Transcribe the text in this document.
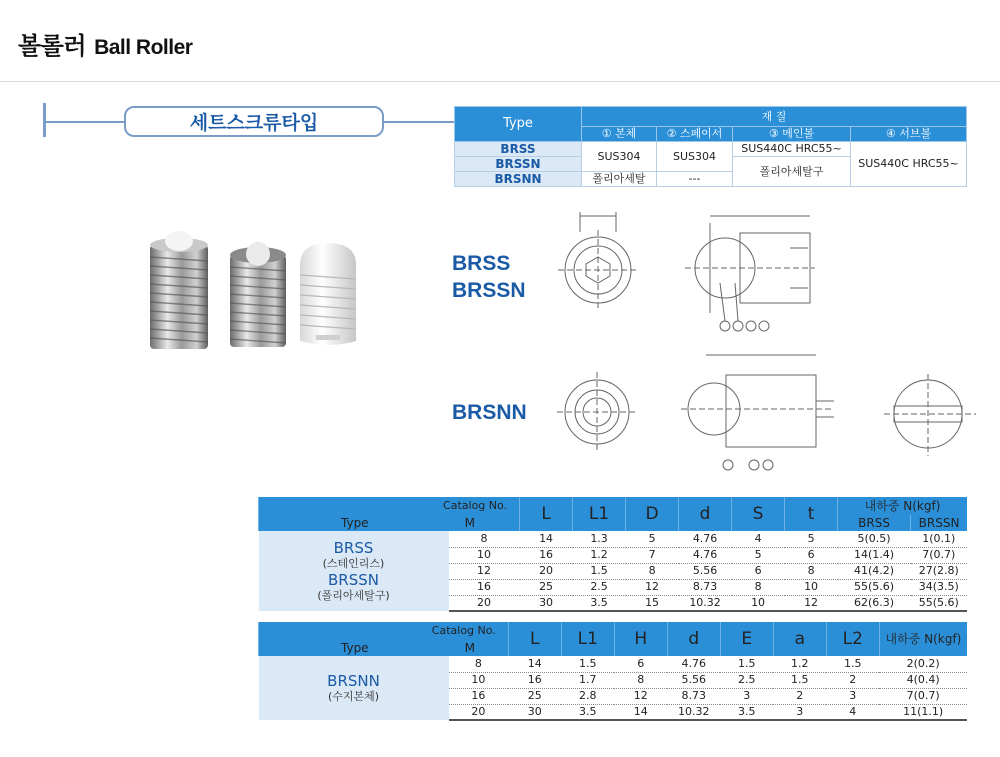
볼롤러 Ball Roller
세트스크류타입	Type	재 질			
	① 본체	② 스페이서	③ 메인볼	④ 서브볼
BRSS	SUS304	SUS304	SUS440C HRC55~	SUS440C HRC55~
BRSSN			폴리아세탈구	
BRSNN	폴리아세탈	---		
BRSS
BRSSN
BRSNN
Catalog No.		L	L1	D	d	S	t	내하중 N(kgf)	
Type M								BRSS	BRSSN

BRSS
(스테인리스)
BRSSN
(폴리아세탈구)	8	14	1.3	5	4.76	4	5	5(0.5)	1(0.1)
	10	16	1.2	7	4.76	5	6	14(1.4)	7(0.7)
	12	20	1.5	8	5.56	6	8	41(4.2)	27(2.8)
	16	25	2.5	12	8.73	8	10	55(5.6)	34(3.5)
	20	30	3.5	15	10.32	10	12	62(6.3)	55(5.6)
Catalog No.		L	L1	H	d	E	a	L2	내하중 N(kgf)
Type M									

BRSNN
(수지본체)	8	14	1.5	6	4.76	1.5	1.2	1.5	2(0.2)
	10	16	1.7	8	5.56	2.5	1.5	2	4(0.4)
	16	25	2.8	12	8.73	3	2	3	7(0.7)
	20	30	3.5	14	10.32	3.5	3	4	11(1.1)
